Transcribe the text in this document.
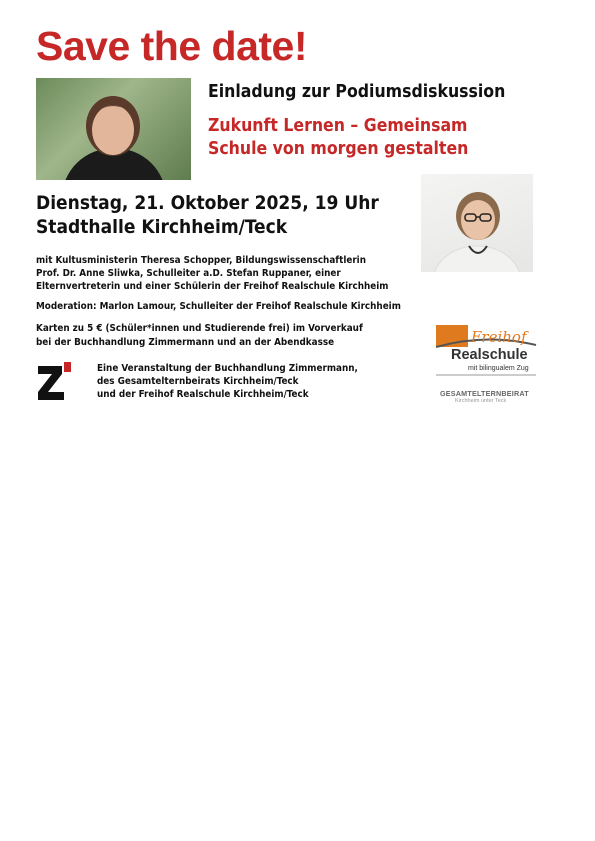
Save the date!
Einladung zur Podiumsdiskussion
Zukunft Lernen – Gemeinsam
Schule von morgen gestalten
Dienstag, 21. Oktober 2025, 19 Uhr
Stadthalle Kirchheim/Teck
mit Kultusministerin Theresa Schopper, Bildungswissenschaftlerin
Prof. Dr. Anne Sliwka, Schulleiter a.D. Stefan Ruppaner, einer
Elternvertreterin und einer Schülerin der Freihof Realschule Kirchheim
Moderation: Marlon Lamour, Schulleiter der Freihof Realschule Kirchheim
Karten zu 5 € (Schüler*innen und Studierende frei) im Vorverkauf
bei der Buchhandlung Zimmermann und an der Abendkasse
Eine Veranstaltung der Buchhandlung Zimmermann,
des Gesamtelternbeirats Kirchheim/Teck
und der Freihof Realschule Kirchheim/Teck
Freihof
Realschule
mit bilingualem Zug
GESAMTELTERNBEIRAT
Kirchheim unter Teck
